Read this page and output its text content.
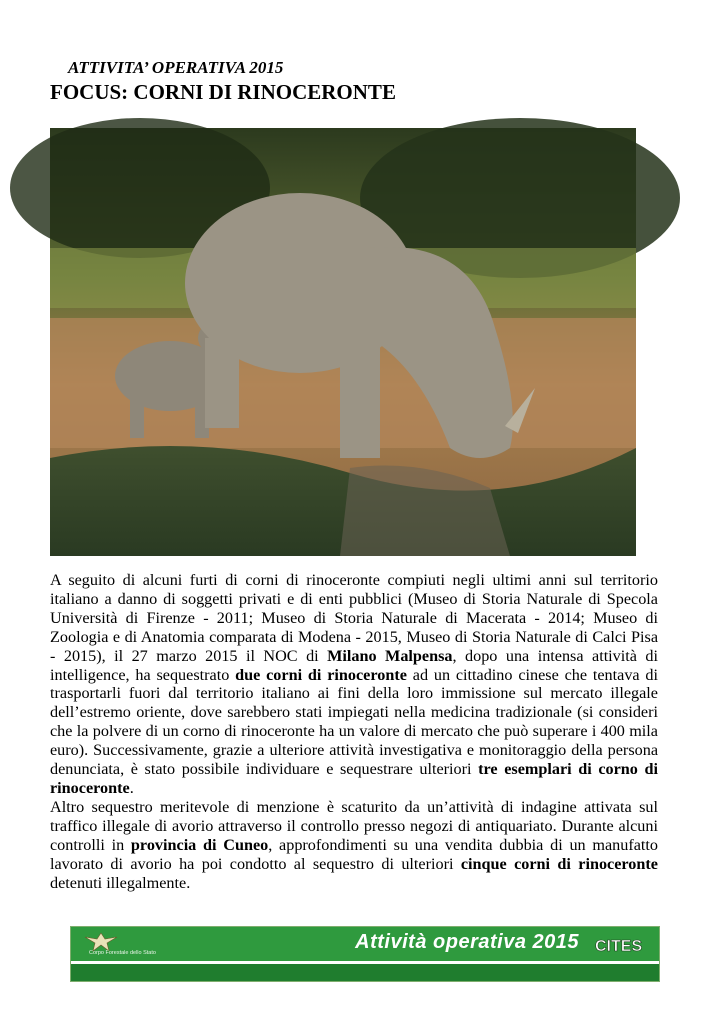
ATTIVITA’ OPERATIVA 2015
FOCUS: CORNI DI RINOCERONTE

A seguito di alcuni furti di corni di rinoceronte compiuti negli ultimi anni sul territorio italiano a danno di soggetti privati e di enti pubblici (Museo di Storia Naturale di Specola Università di Firenze - 2011; Museo di Storia Naturale di Macerata - 2014; Museo di Zoologia e di Anatomia comparata di Modena - 2015, Museo di Storia Naturale di Calci Pisa - 2015), il 27 marzo 2015 il NOC di Milano Malpensa, dopo una intensa attività di intelligence, ha sequestrato due corni di rinoceronte ad un cittadino cinese che tentava di trasportarli fuori dal territorio italiano ai fini della loro immissione sul mercato illegale dell’estremo oriente, dove sarebbero stati impiegati nella medicina tradizionale (si consideri che la polvere di un corno di rinoceronte ha un valore di mercato che può superare i 400 mila euro). Successivamente, grazie a ulteriore attività investigativa e monitoraggio della persona denunciata, è stato possibile individuare e sequestrare ulteriori tre esemplari di corno di rinoceronte.

Altro sequestro meritevole di menzione è scaturito da un’attività di indagine attivata sul traffico illegale di avorio attraverso il controllo presso negozi di antiquariato. Durante alcuni controlli in provincia di Cuneo, approfondimenti su una vendita dubbia di un manufatto lavorato di avorio ha poi condotto al sequestro di ulteriori cinque corni di rinoceronte detenuti illegalmente.

Corpo Forestale dello Stato	Attività operativa 2015 CITES
